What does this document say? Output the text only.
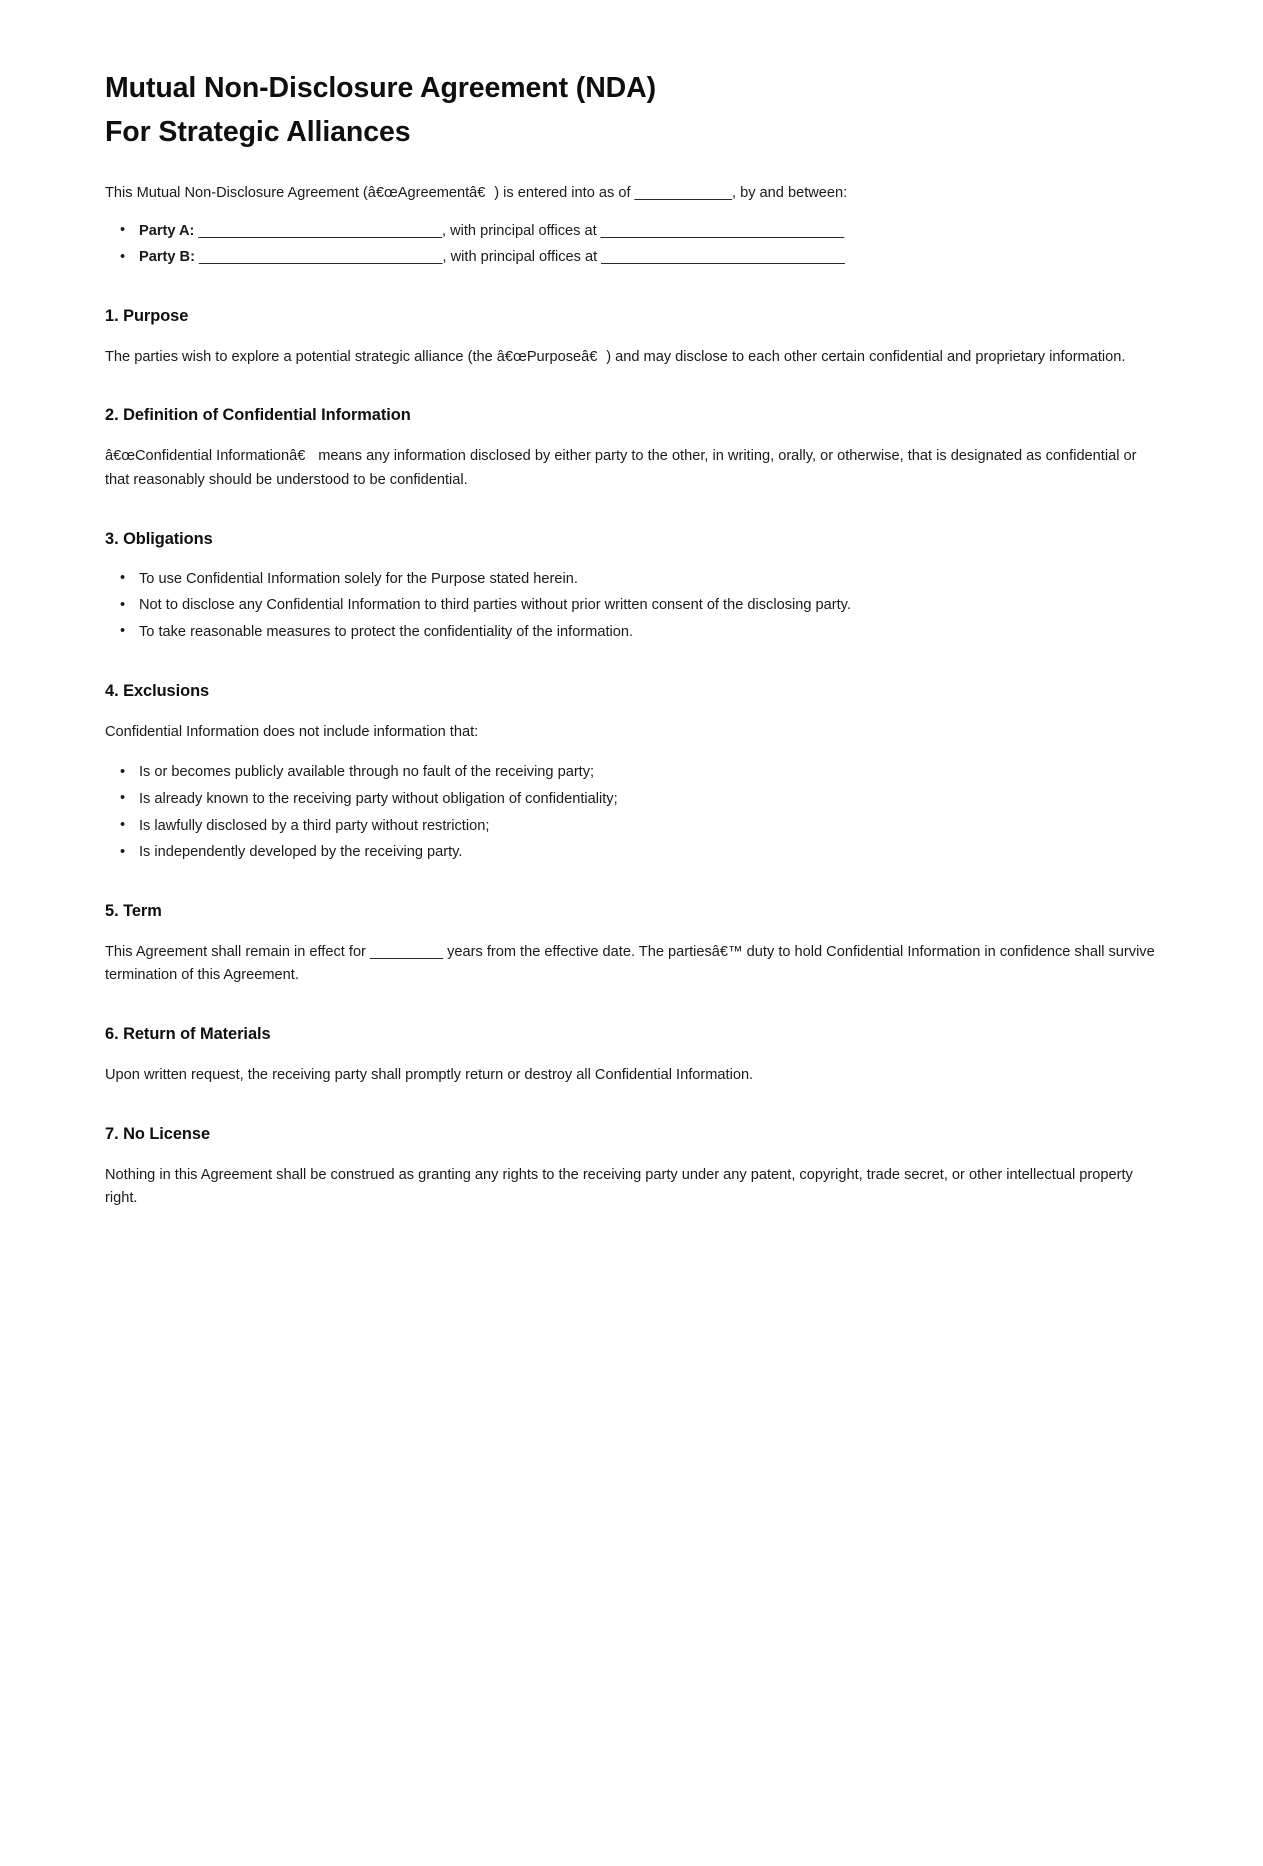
Mutual Non-Disclosure Agreement (NDA)
For Strategic Alliances

This Mutual Non-Disclosure Agreement (â€œAgreementâ€) is entered into as of ____________, by and between:

• Party A: ______________________________, with principal offices at ______________________________
• Party B: ______________________________, with principal offices at ______________________________
1. Purpose

The parties wish to explore a potential strategic alliance (the â€œPurposeâ€) and may disclose to each other certain confidential and proprietary information.

2. Definition of Confidential Information

â€œConfidential Informationâ€ means any information disclosed by either party to the other, in writing, orally, or otherwise, that is designated as confidential or that reasonably should be understood to be confidential.

3. Obligations
• To use Confidential Information solely for the Purpose stated herein.
• Not to disclose any Confidential Information to third parties without prior written consent of the disclosing party.
• To take reasonable measures to protect the confidentiality of the information.
4. Exclusions

Confidential Information does not include information that:

• Is or becomes publicly available through no fault of the receiving party;
• Is already known to the receiving party without obligation of confidentiality;
• Is lawfully disclosed by a third party without restriction;
• Is independently developed by the receiving party.
5. Term

This Agreement shall remain in effect for _________ years from the effective date. The partiesâ€™ duty to hold Confidential Information in confidence shall survive termination of this Agreement.

6. Return of Materials

Upon written request, the receiving party shall promptly return or destroy all Confidential Information.

7. No License

Nothing in this Agreement shall be construed as granting any rights to the receiving party under any patent, copyright, trade secret, or other intellectual property right.
